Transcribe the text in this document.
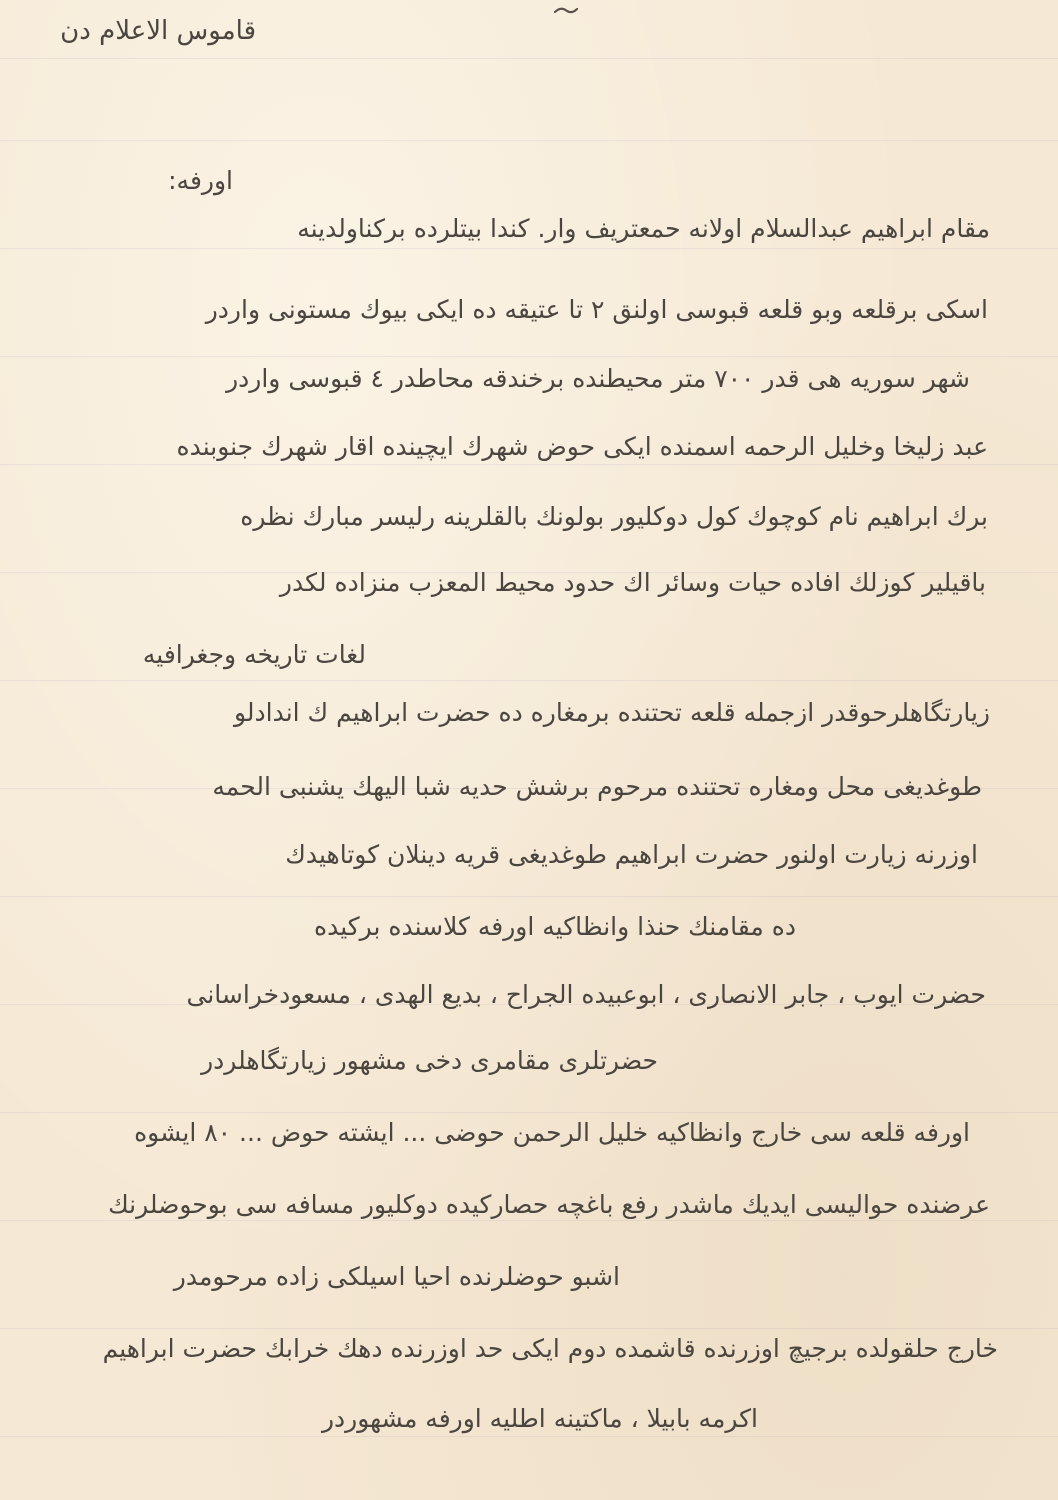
قاموس الاعلام دن
اورفه:
مقام ابراهیم عبدالسلام اولانه حمعتریف وار. کندا بیتلرده برکناولدینه
اسکی برقلعه وبو قلعه قبوسی اولنق ۲ تا عتیقه ده ایکی بیوك مستونی واردر
شهر سوریه هی قدر ۷۰۰ متر محیطنده برخندقه محاطدر ٤ قبوسی واردر
عبد زلیخا وخلیل الرحمه اسمنده ایکی حوض شهرك ایچینده اقار شهرك جنوبنده
برك ابراهیم نام کوچوك کول دوکلیور بولونك بالقلرینه رلیسر مبارك نظره
باقیلیر کوزلك افاده حیات وسائر اك حدود محیط المعزب منزاده لکدر
لغات تاریخه وجغرافیه
زیارتگاهلرحوقدر ازجمله قلعه تحتنده برمغاره ده حضرت ابراهیم ك اندادلو
طوغدیغی محل ومغاره تحتنده مرحوم برشش حدیه شبا الیهك یشنبی الحمه
اوزرنه زیارت اولنور حضرت ابراهیم طوغدیغی قریه دینلان کوتاهیدك
ده مقامنك حنذا وانظاکیه اورفه کلاسنده برکیده
حضرت ایوب ، جابر الانصاری ، ابوعبیده الجراح ، بدیع الهدی ، مسعودخراسانی
حضرتلری مقامری دخی مشهور زیارتگاهلردر
اورفه قلعه سی خارج وانظاکیه خلیل الرحمن حوضی ... ایشته حوض ... ۸۰ ایشوه
عرضنده حوالیسی ایدیك ماشدر رفع باغچه حصارکیده دوکلیور مسافه سی بوحوضلرنك
اشبو حوضلرنده احیا اسیلکی زاده مرحومدر
خارج حلقولده برجیچ اوزرنده قاشمده دوم ایکی حد اوزرنده دهك خرابك حضرت ابراهیم
اکرمه بابیلا ، ماکتینه اطلیه اورفه مشهوردر
